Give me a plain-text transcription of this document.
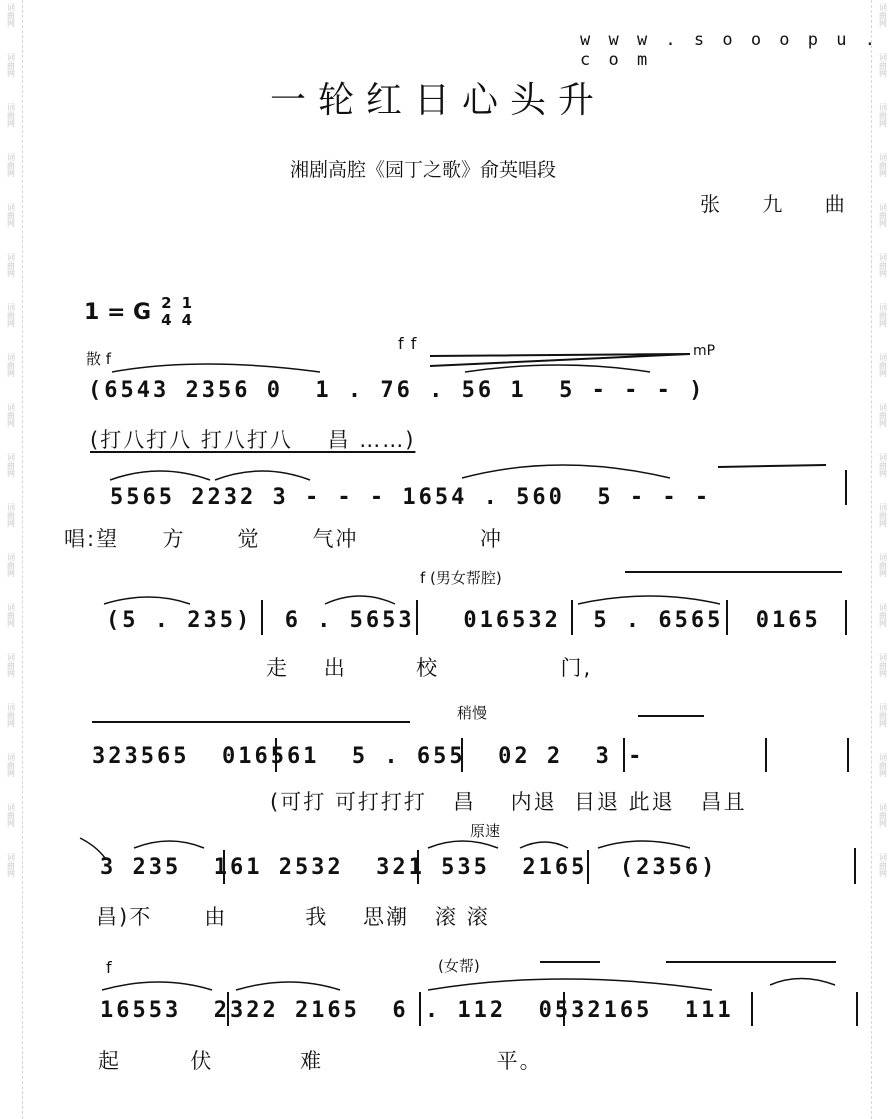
词曲网
词曲网
词曲网
词曲网
词曲网
词曲网
词曲网
词曲网
词曲网
词曲网
词曲网
词曲网
词曲网
词曲网
词曲网
词曲网
词曲网
词曲网
词曲网
词曲网
词曲网
词曲网
词曲网
词曲网
词曲网
词曲网
词曲网
词曲网
词曲网
词曲网
词曲网
词曲网
词曲网
词曲网
词曲网
词曲网
w w w . s o o o p u . c o m
一轮红日心头升
湘剧高腔《园丁之歌》俞英唱段
张 九 曲
1 = G 2
4
1
4
散 f
f f	mP
f (男女帮腔)
稍慢
原速
f	(女帮)
(6543 2356 0  1 . 76 . 56 1  5 - - - )
(打八打八 打八打八    昌 ……)
5565 2232 3 - - - 1654 . 560  5 - - -
唱:望     方      觉      气冲              冲
(5 . 235)  6 . 5653   016532  5 . 6565  0165
走    出        校              门,
323565  016561  5 . 655  02 2  3 -
(可打 可打打打   昌    内退  目退 此退   昌且
3 235  161 2532  321 535  2165  (2356)
昌)不      由         我    思潮   滚 滚
16553  2322 2165  6 . 112  0532165  111
起        伏          难                    平。
